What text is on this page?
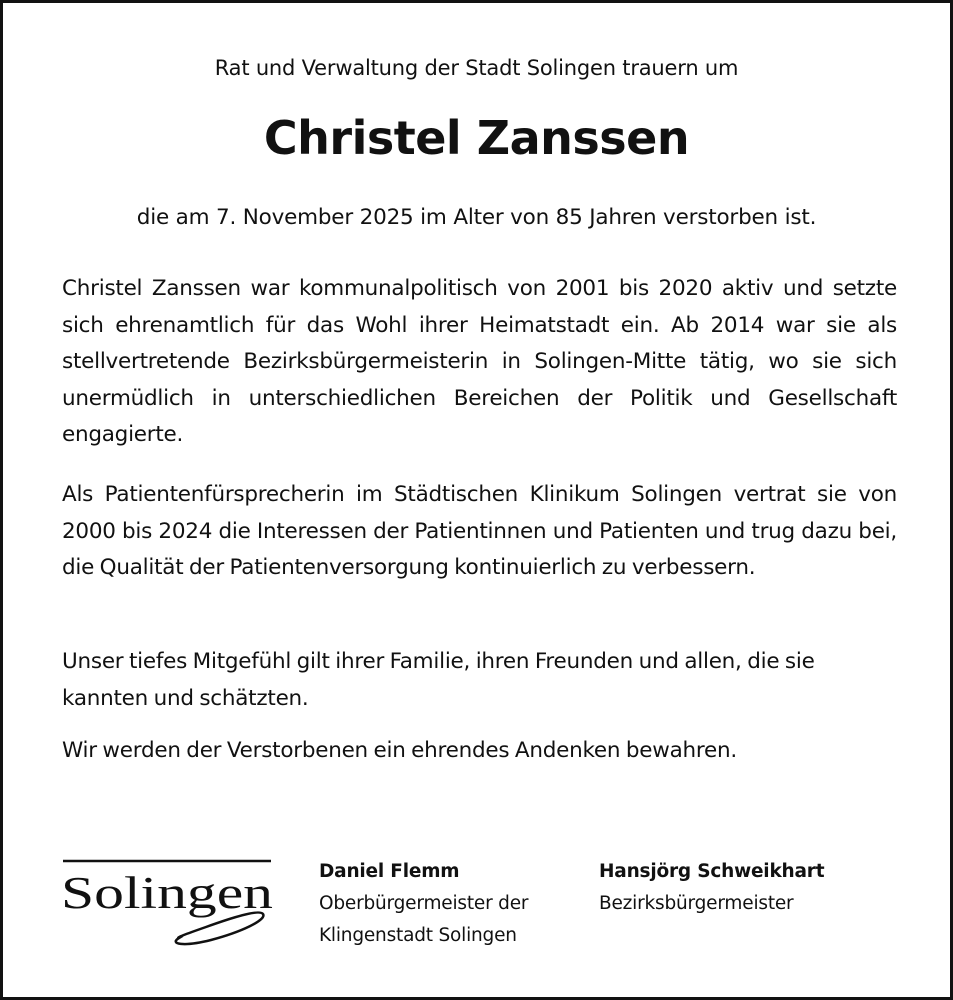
Rat und Verwaltung der Stadt Solingen trauern um
Christel Zanssen
die am 7. November 2025 im Alter von 85 Jahren verstorben ist.

Christel Zanssen war kommunalpolitisch von 2001 bis 2020 aktiv und setzte sich ehrenamtlich für das Wohl ihrer Heimatstadt ein. Ab 2014 war sie als stellvertretende Bezirksbürgermeisterin in Solingen-Mitte tätig, wo sie sich unermüdlich in unterschiedlichen Bereichen der Politik und Gesellschaft engagierte.

Als Patientenfürsprecherin im Städtischen Klinikum Solingen vertrat sie von 2000 bis 2024 die Interessen der Patientinnen und Patienten und trug dazu bei, die Qualität der Patientenversorgung kontinuierlich zu verbessern.

Unser tiefes Mitgefühl gilt ihrer Familie, ihren Freunden und allen, die sie kannten und schätzten.

Wir werden der Verstorbenen ein ehrendes Andenken bewahren.

Solingen Daniel Flemm
Oberbürgermeister der
Klingenstadt Solingen
Hansjörg Schweikhart
Bezirksbürgermeister
